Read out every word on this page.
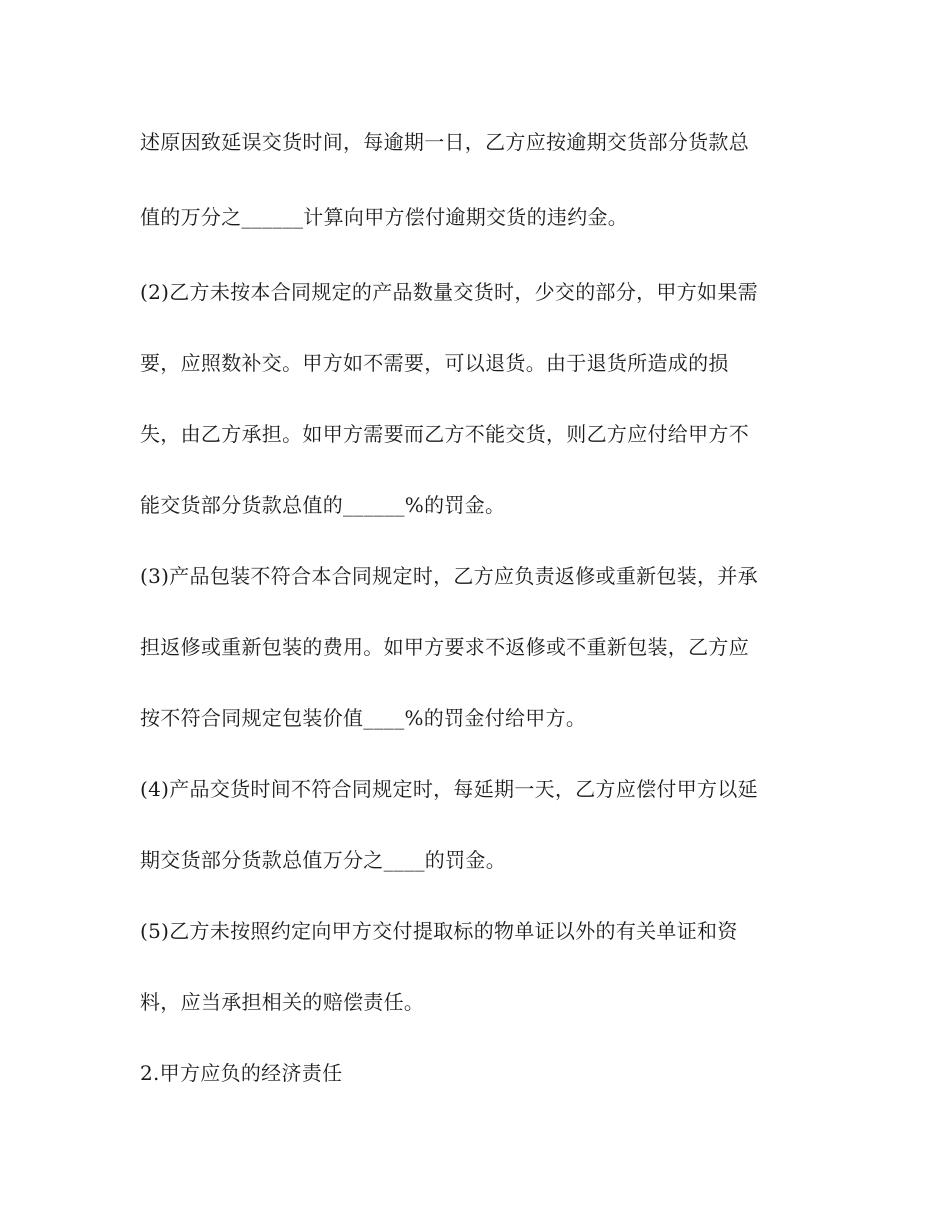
述原因致延误交货时间，每逾期一日，乙方应按逾期交货部分货款总

值的万分之______计算向甲方偿付逾期交货的违约金。

(2)乙方未按本合同规定的产品数量交货时，少交的部分，甲方如果需

要，应照数补交。甲方如不需要，可以退货。由于退货所造成的损

失，由乙方承担。如甲方需要而乙方不能交货，则乙方应付给甲方不

能交货部分货款总值的______%的罚金。

(3)产品包装不符合本合同规定时，乙方应负责返修或重新包装，并承

担返修或重新包装的费用。如甲方要求不返修或不重新包装，乙方应

按不符合同规定包装价值____%的罚金付给甲方。

(4)产品交货时间不符合同规定时，每延期一天，乙方应偿付甲方以延

期交货部分货款总值万分之____的罚金。

(5)乙方未按照约定向甲方交付提取标的物单证以外的有关单证和资

料，应当承担相关的赔偿责任。

2.甲方应负的经济责任
